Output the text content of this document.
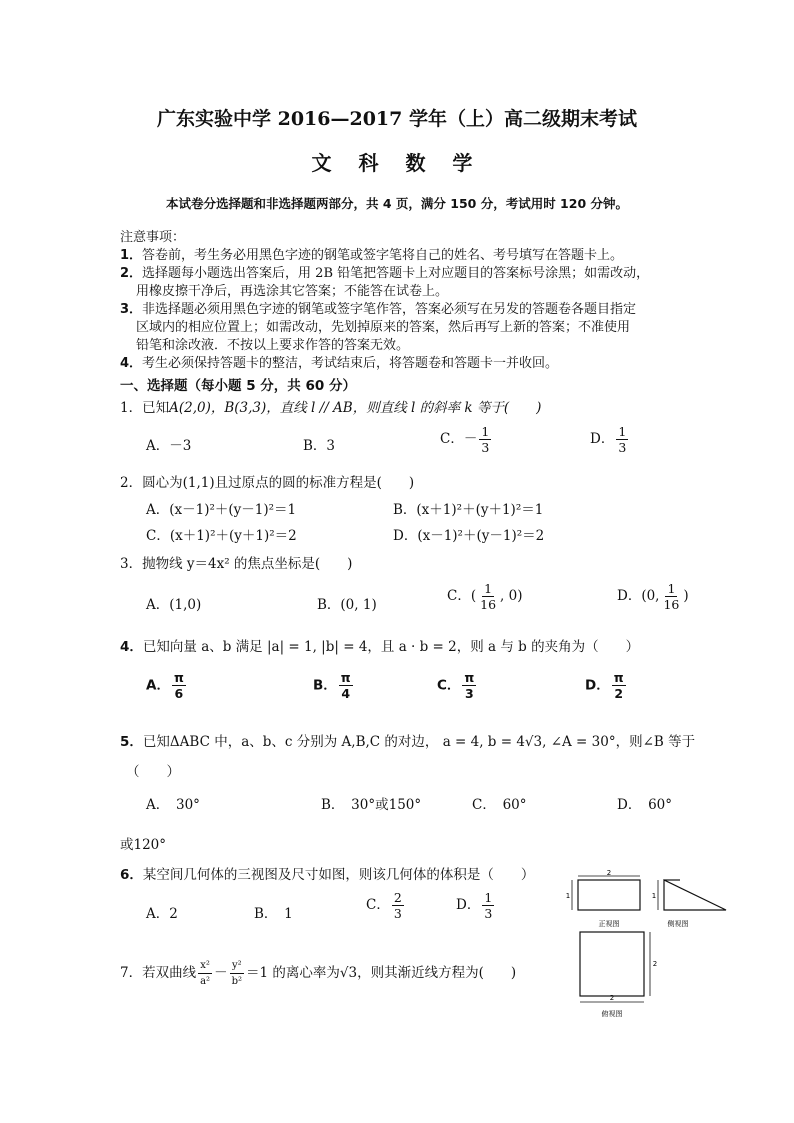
广东实验中学 2016—2017 学年（上）高二级期末考试
文 科 数 学
本试卷分选择题和非选择题两部分，共 4 页，满分 150 分，考试用时 120 分钟。
注意事项：
1．答卷前，考生务必用黑色字迹的钢笔或签字笔将自己的姓名、考号填写在答题卡上。
2．选择题每小题选出答案后，用 2B 铅笔把答题卡上对应题目的答案标号涂黑；如需改动，
用橡皮擦干净后，再选涂其它答案；不能答在试卷上。
3．非选择题必须用黑色字迹的钢笔或签字笔作答，答案必须写在另发的答题卷各题目指定
区域内的相应位置上；如需改动，先划掉原来的答案，然后再写上新的答案；不准使用
铅笔和涂改液．不按以上要求作答的答案无效。
4．考生必须保持答题卡的整洁，考试结束后，将答题卷和答题卡一并收回。
一、选择题（每小题 5 分，共 60 分）
1．已知A(2,0)，B(3,3)，直线 l // AB，则直线 l 的斜率 k 等于(　　)
A．－3	B．3	C．－ $\frac{1}{3}$	D． $\frac{1}{3}$
2．圆心为(1,1)且过原点的圆的标准方程是(　　)
A．(x－1)²＋(y－1)²＝1	B．(x＋1)²＋(y＋1)²＝1
C．(x＋1)²＋(y＋1)²＝2	D．(x－1)²＋(y－1)²＝2
3．抛物线 y＝4x² 的焦点坐标是(　　)
A．(1,0)	B．(0, 1)
C．( $\frac{1}{16}$ , 0)	D．(0, $\frac{1}{16}$ )
4．已知向量 a、b 满足 |a| = 1, |b| = 4，且 a · b = 2，则 a 与 b 的夹角为（　　）
A． $\frac{\pi}{6}$	B． $\frac{\pi}{4}$	C． $\frac{\pi}{3}$	D． $\frac{\pi}{2}$
5．已知ΔABC 中，a、b、c 分别为 A,B,C 的对边， a = 4, b = 4√3, ∠A = 30°，则∠B 等于
（　　）
A．　30°	B．　30°或150°	C．　60°	D．　60°
或120°
6．某空间几何体的三视图及尺寸如图，则该几何体的体积是（　　）
A．2	B．　1
C． $\frac{2}{3}$	D． $\frac{1}{3}$
7．若双曲线 $\frac{\text{x²}}{\text{a²}} - \frac{\text{y²}}{\text{b²}} =1$ 的离心率为√3，则其渐近线方程为(　　)
2
1
正视图
1
侧视图
2
2
俯视图
